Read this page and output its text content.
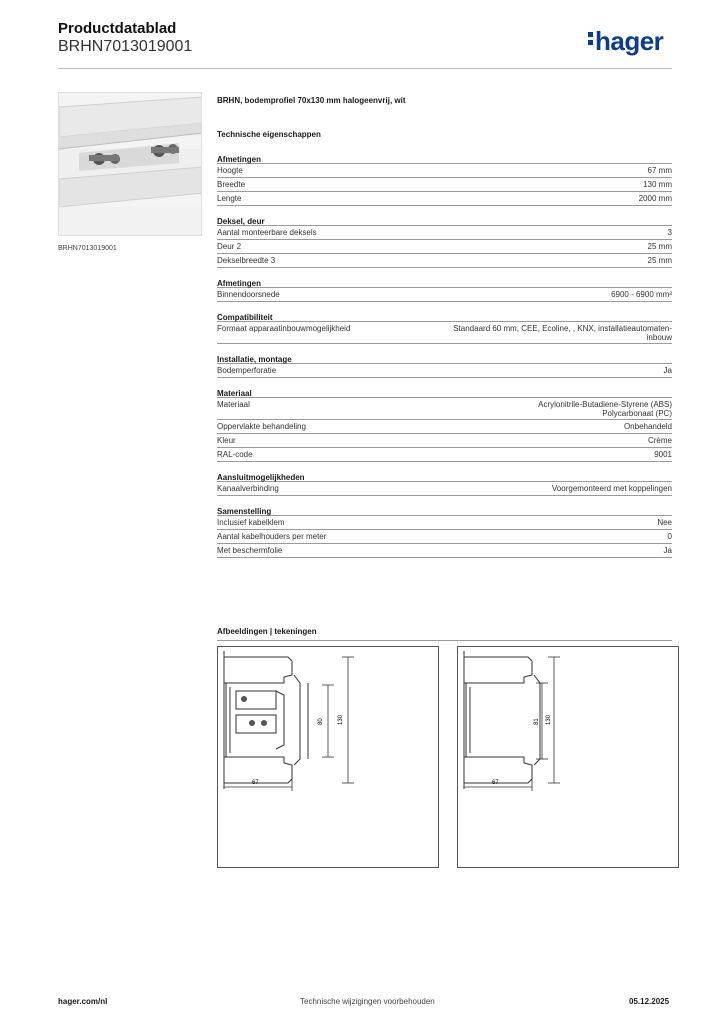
Productdatablad
BRHN7013019001	hager
BRHN7013019001
BRHN, bodemprofiel 70x130 mm halogeenvrij, wit
Technische eigenschappen
Afmetingen
Hoogte	67 mm
Breedte	130 mm
Lengte	2000 mm
Deksel, deur
Aantal monteerbare deksels	3
Deur 2	25 mm
Dekselbreedte 3	25 mm
Afmetingen
Binnendoorsnede	6900 - 6900 mm²
Compatibiliteit
Formaat apparaatinbouwmogelijkheid	Standaard 60 mm, CEE, Ecoline, , KNX, installatieautomaten-
inbouw
Installatie, montage
Bodemperforatie	Ja
Materiaal
Materiaal	Acrylonitrile-Butadiene-Styrene (ABS)
Polycarbonaat (PC)
Oppervlakte behandeling	Onbehandeld
Kleur	Crème
RAL-code	9001
Aansluitmogelijkheden
Kanaalverbinding	Voorgemonteerd met koppelingen
Samenstelling
Inclusief kabelklem	Nee
Aantal kabelhouders per meter	0
Met beschermfolie	Ja
Afbeeldingen | tekeningen
67
80 130
67
81 130
hager.com/nl	Technische wijzigingen voorbehouden	05.12.2025
